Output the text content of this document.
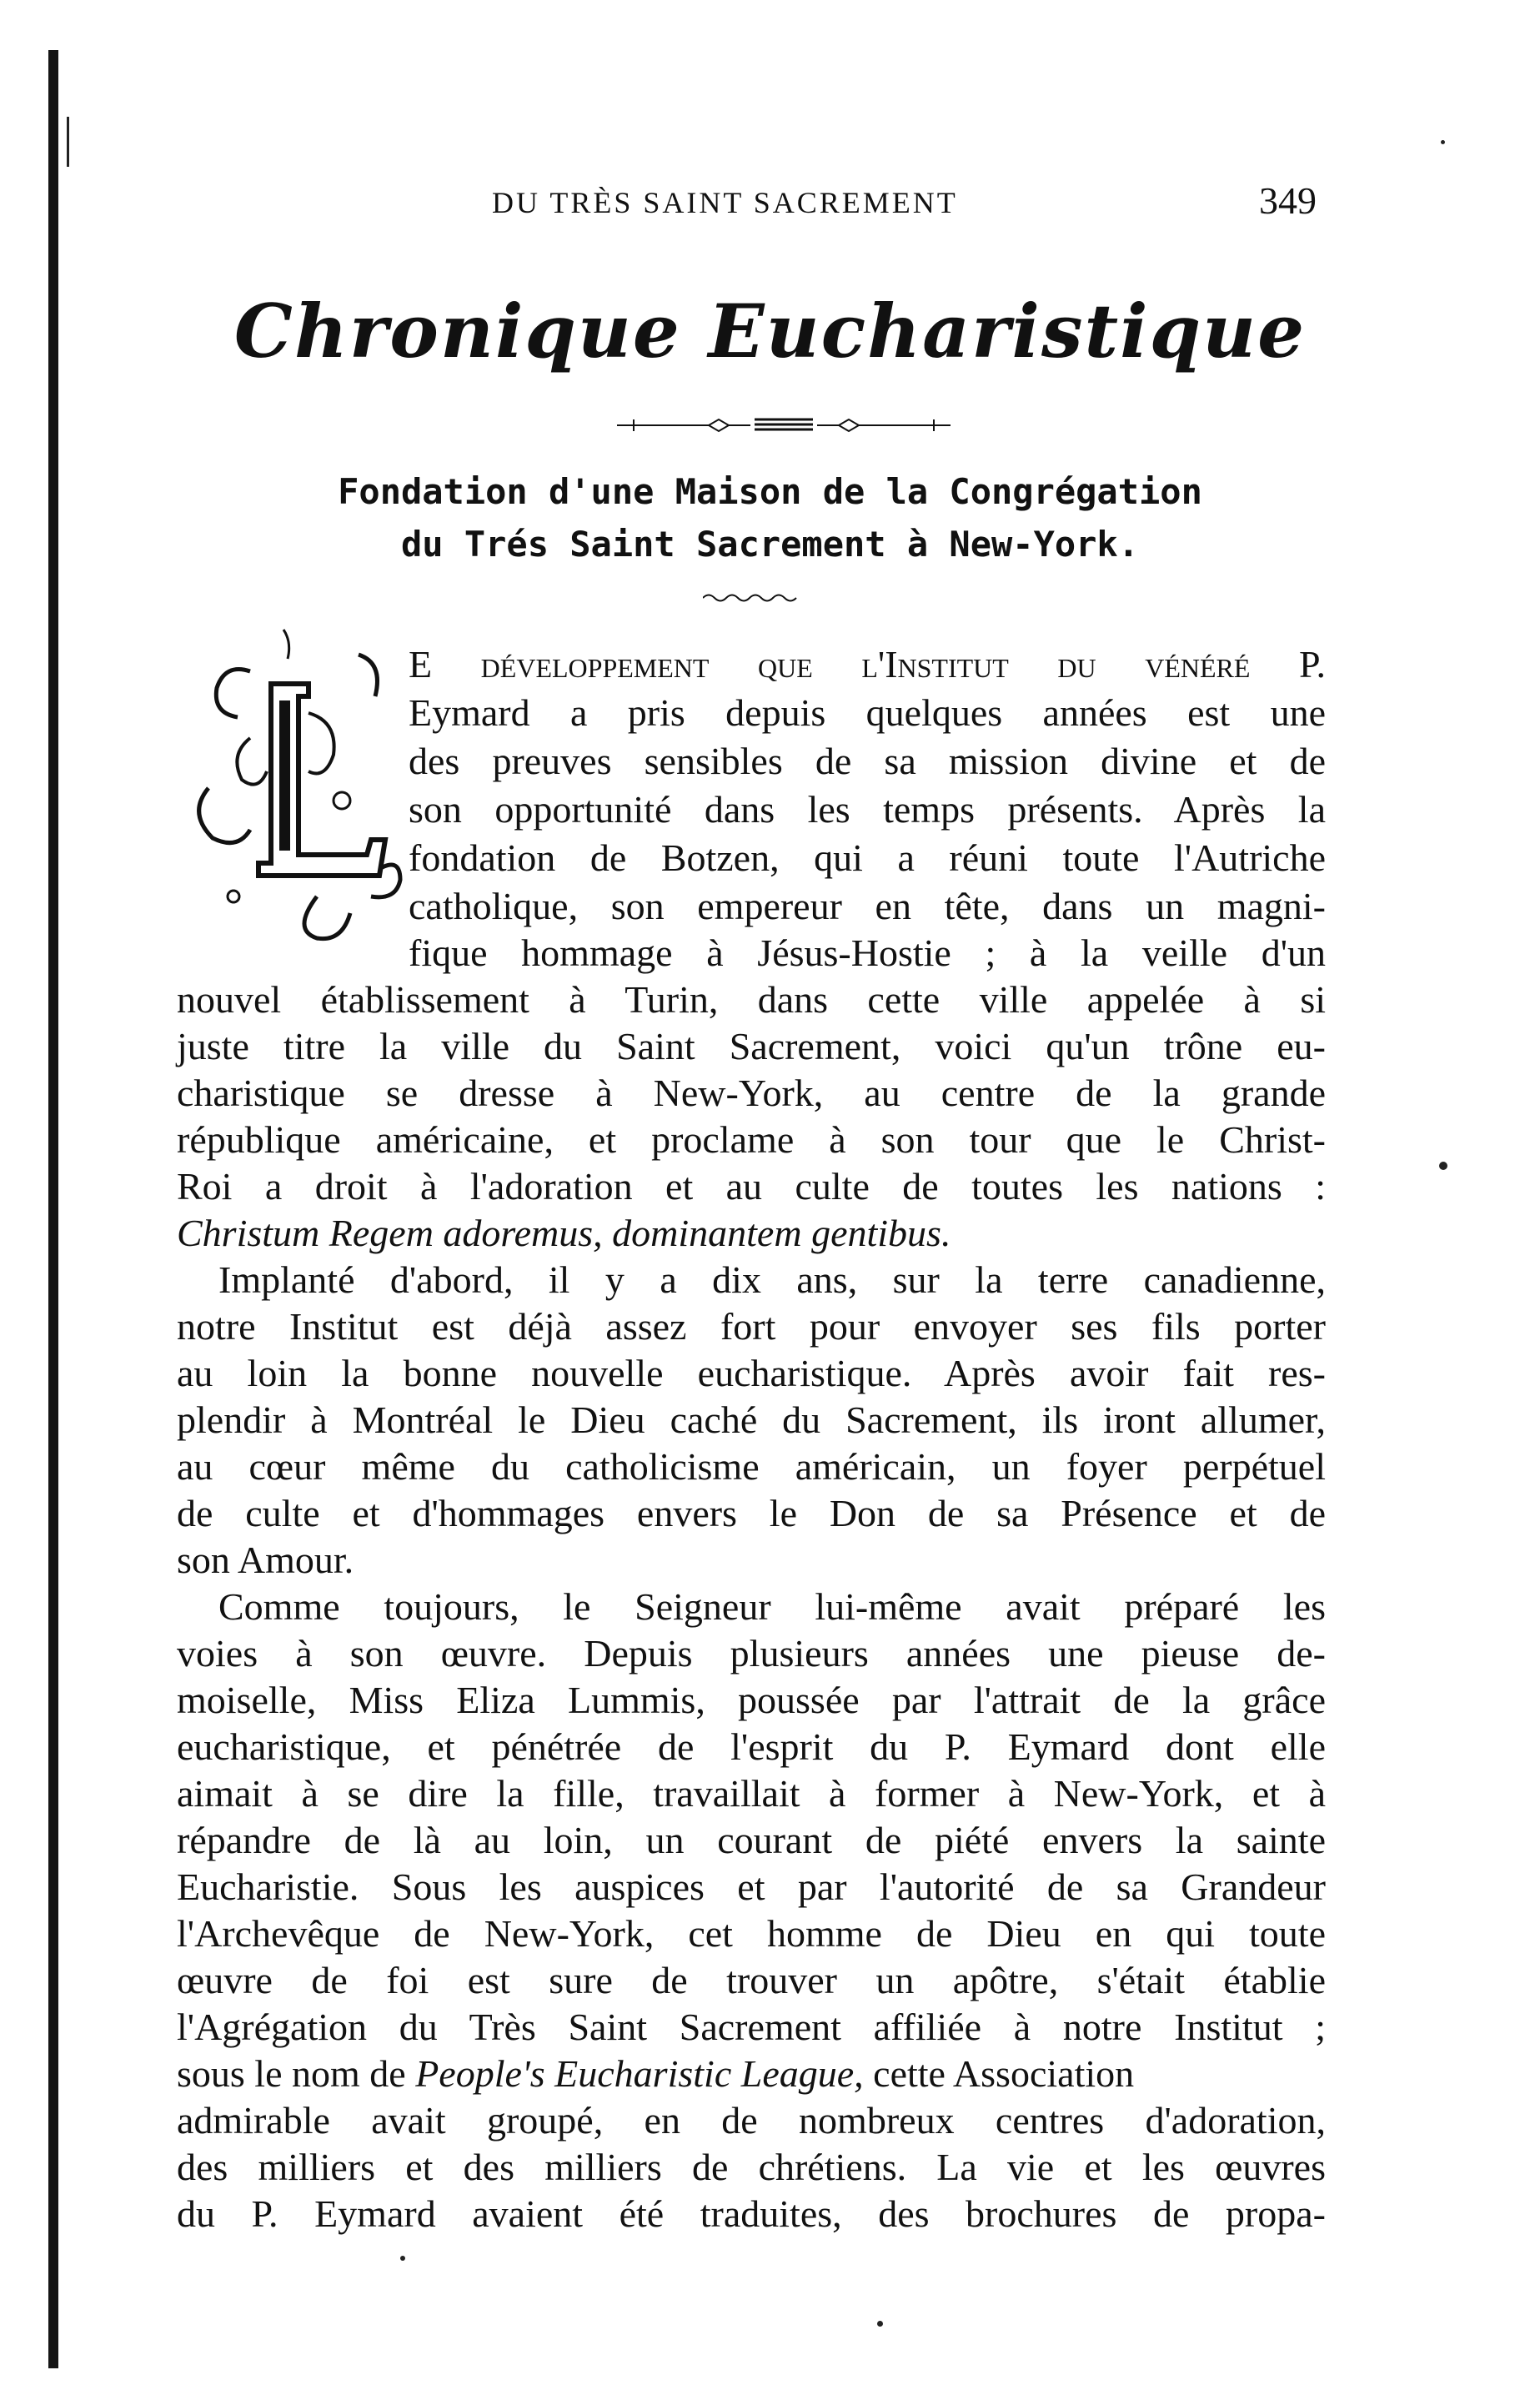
DU TRÈS SAINT SACREMENT	349
Chronique Eucharistique
Fondation d'une Maison de la Congrégation
du Trés Saint Sacrement à New-York.
E développement que l'Institut du vénéré P.
Eymard a pris depuis quelques années est une
des preuves sensibles de sa mission divine et de
son opportunité dans les temps présents. Après la
fondation de Botzen, qui a réuni toute l'Autriche
catholique, son empereur en tête, dans un magni-
fique hommage à Jésus-Hostie ; à la veille d'un
nouvel établissement à Turin, dans cette ville appelée à si
juste titre la ville du Saint Sacrement, voici qu'un trône eu-
charistique se dresse à New-York, au centre de la grande
république américaine, et proclame à son tour que le Christ-
Roi a droit à l'adoration et au culte de toutes les nations :
Christum Regem adoremus, dominantem gentibus.
Implanté d'abord, il y a dix ans, sur la terre canadienne,
notre Institut est déjà assez fort pour envoyer ses fils porter
au loin la bonne nouvelle eucharistique. Après avoir fait res-
plendir à Montréal le Dieu caché du Sacrement, ils iront allumer,
au cœur même du catholicisme américain, un foyer perpétuel
de culte et d'hommages envers le Don de sa Présence et de
son Amour.
Comme toujours, le Seigneur lui-même avait préparé les
voies à son œuvre. Depuis plusieurs années une pieuse de-
moiselle, Miss Eliza Lummis, poussée par l'attrait de la grâce
eucharistique, et pénétrée de l'esprit du P. Eymard dont elle
aimait à se dire la fille, travaillait à former à New-York, et à
répandre de là au loin, un courant de piété envers la sainte
Eucharistie. Sous les auspices et par l'autorité de sa Grandeur
l'Archevêque de New-York, cet homme de Dieu en qui toute
œuvre de foi est sure de trouver un apôtre, s'était établie
l'Agrégation du Très Saint Sacrement affiliée à notre Institut ;
sous le nom de People's Eucharistic League, cette Association
admirable avait groupé, en de nombreux centres d'adoration,
des milliers et des milliers de chrétiens. La vie et les œuvres
du P. Eymard avaient été traduites, des brochures de propa-
